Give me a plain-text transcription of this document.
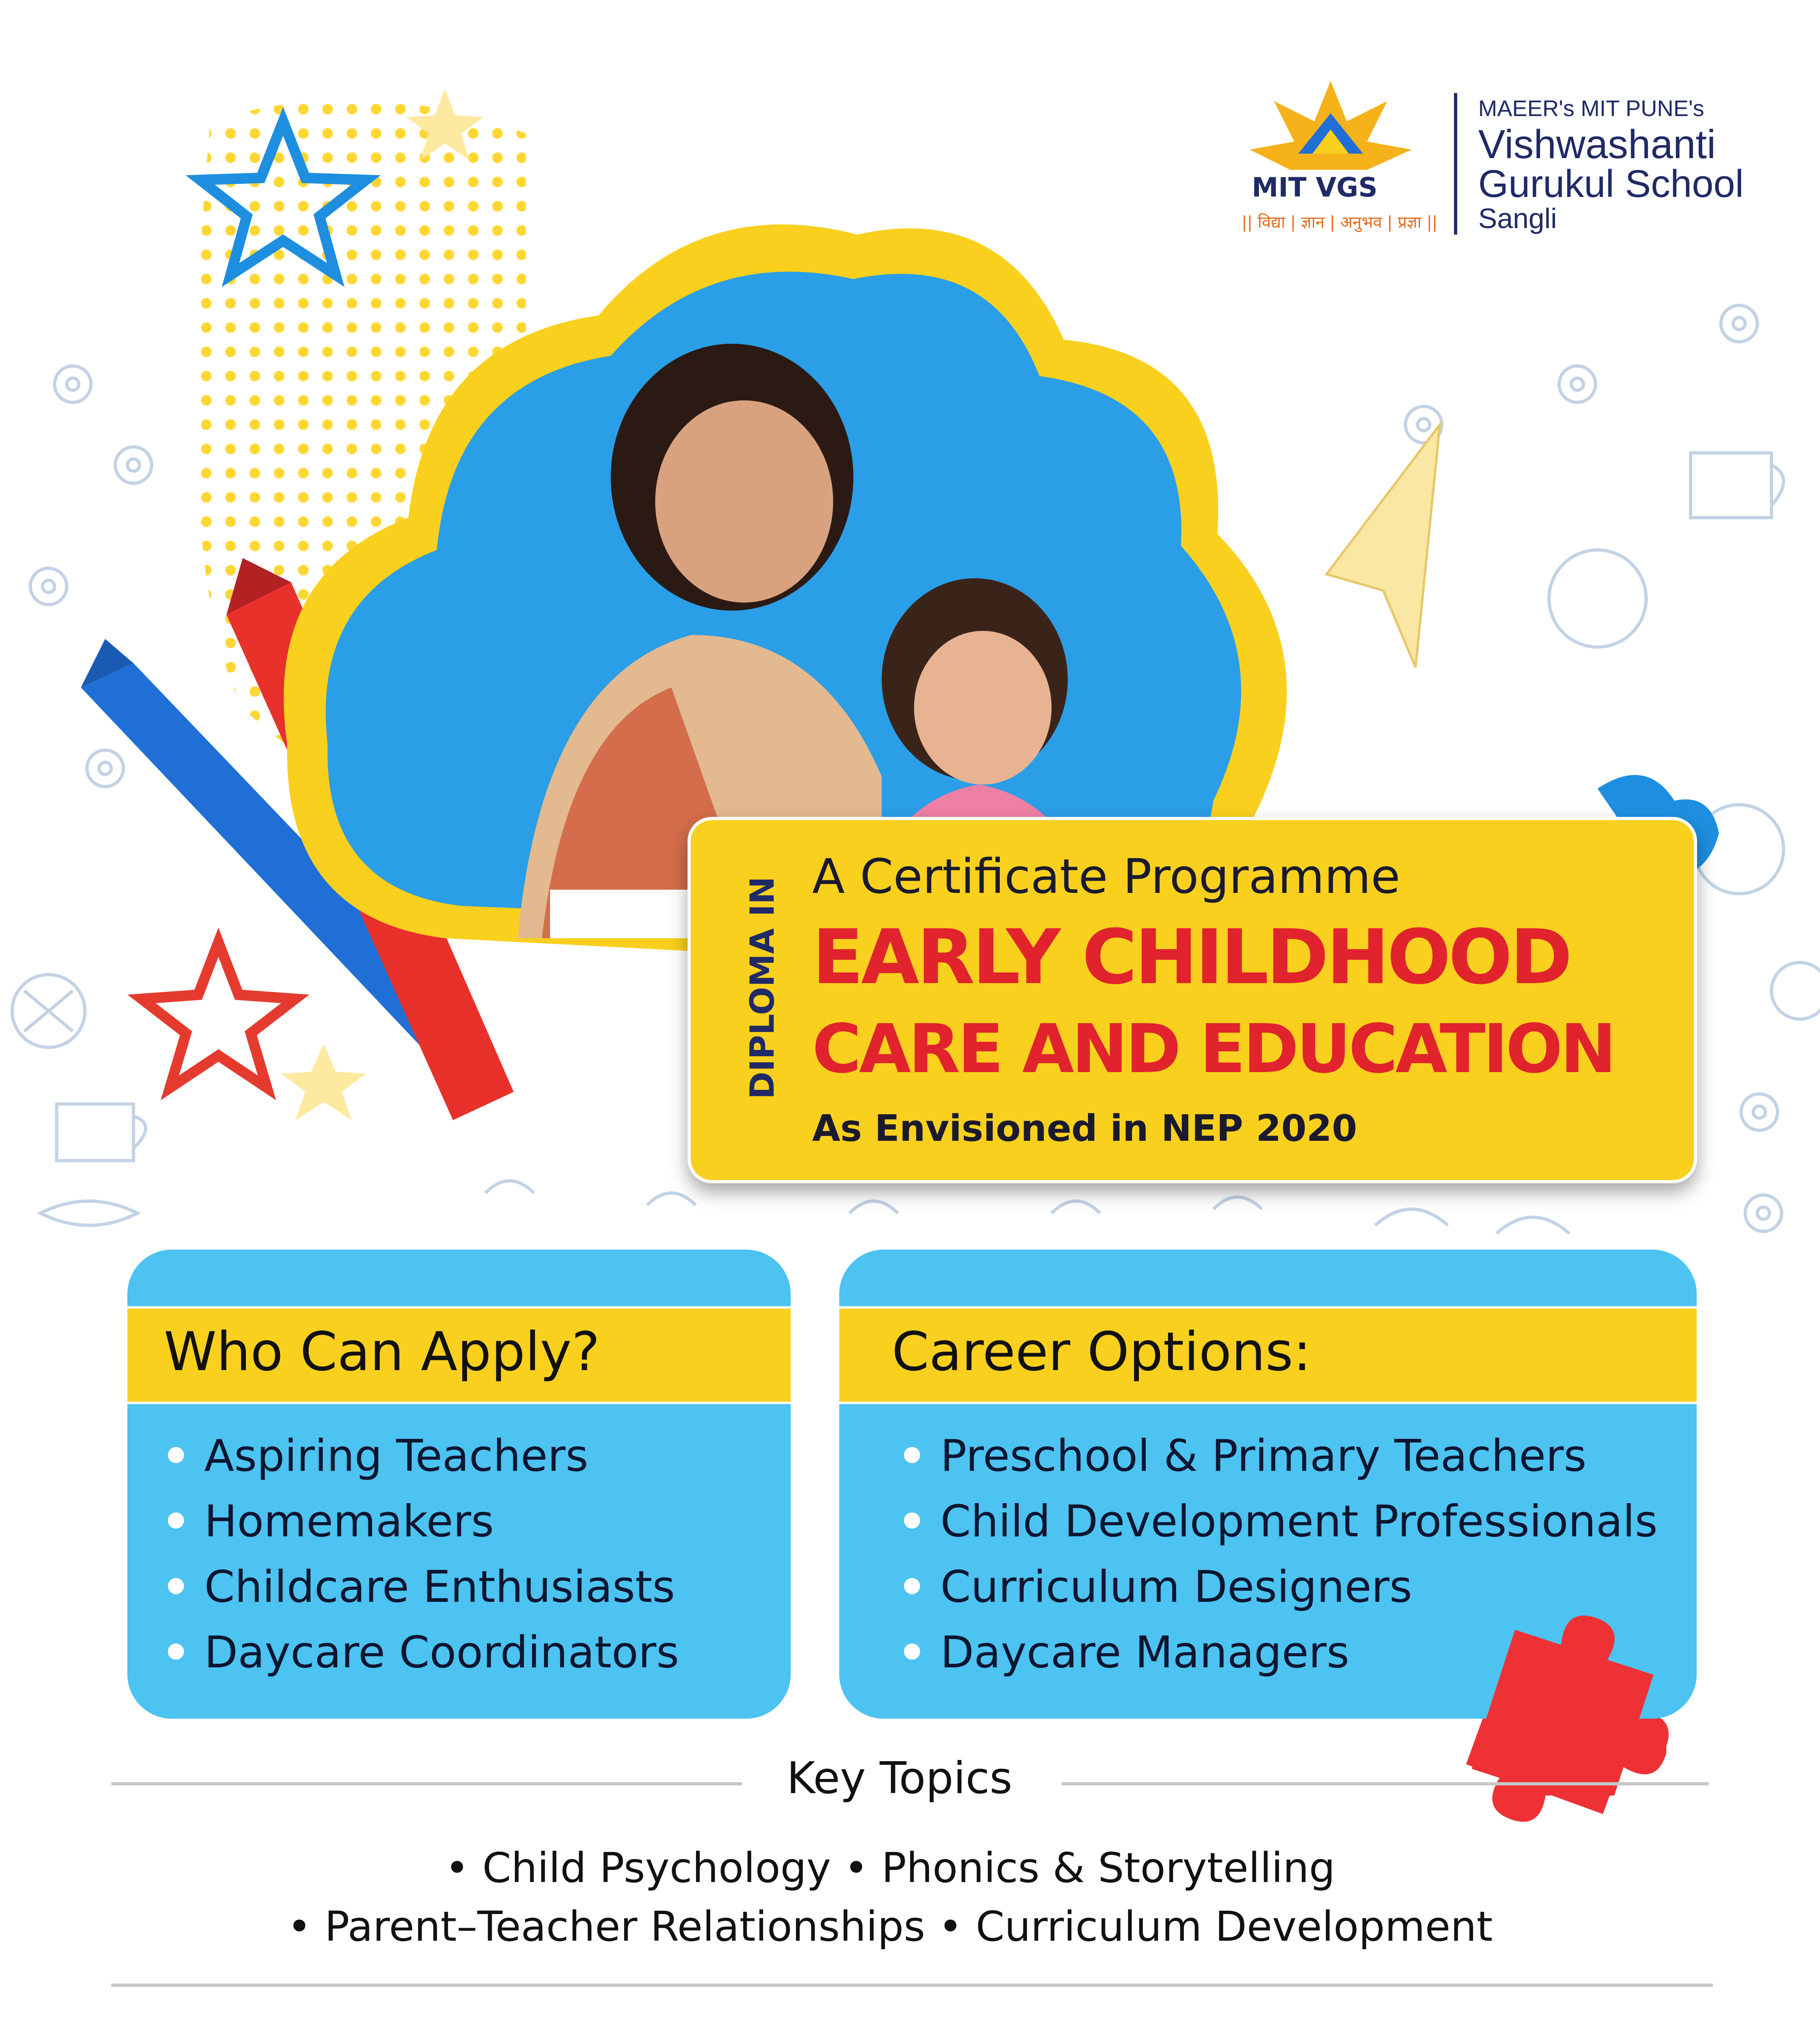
MIT VGS
|| विद्या | ज्ञान | अनुभव | प्रज्ञा ||
MAEER's MIT PUNE's
Vishwashanti
Gurukul School
Sangli
DIPLOMA IN
A Certificate Programme
EARLY CHILDHOOD
CARE AND EDUCATION
As Envisioned in NEP 2020
Who Can Apply?
Aspiring Teachers
Homemakers
Childcare Enthusiasts
Daycare Coordinators
Career Options:
Preschool & Primary Teachers
Child Development Professionals
Curriculum Designers
Daycare Managers
Key Topics
• Child Psychology • Phonics & Storytelling
• Parent–Teacher Relationships • Curriculum Development
